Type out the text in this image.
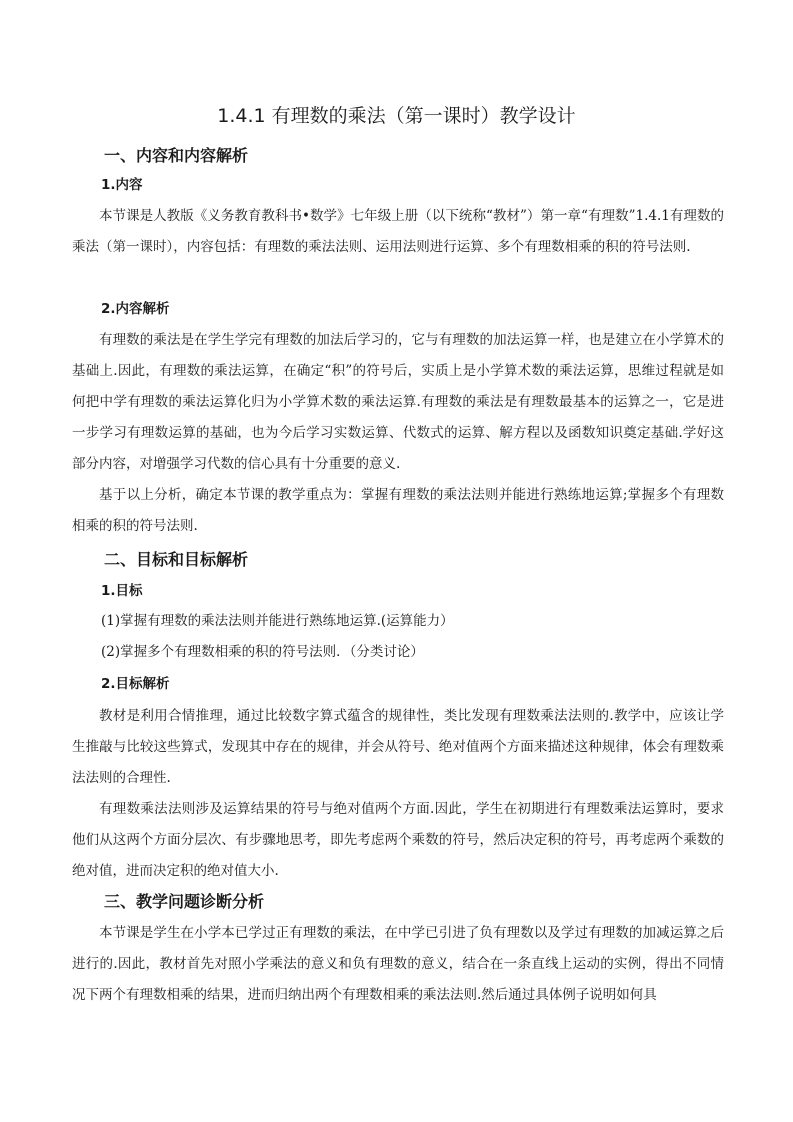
1.4.1 有理数的乘法（第一课时）教学设计
一、内容和内容解析
1.内容

本节课是人教版《义务教育教科书•数学》七年级上册（以下统称“教材”）第一章“有理数”1.4.1有理数的乘法（第一课时），内容包括：有理数的乘法法则、运用法则进行运算、多个有理数相乘的积的符号法则.

2.内容解析

有理数的乘法是在学生学完有理数的加法后学习的，它与有理数的加法运算一样，也是建立在小学算术的基础上.因此，有理数的乘法运算，在确定“积”的符号后，实质上是小学算术数的乘法运算，思维过程就是如何把中学有理数的乘法运算化归为小学算术数的乘法运算.有理数的乘法是有理数最基本的运算之一，它是进一步学习有理数运算的基础，也为今后学习实数运算、代数式的运算、解方程以及函数知识奠定基础.学好这部分内容，对增强学习代数的信心具有十分重要的意义.

基于以上分析，确定本节课的教学重点为：掌握有理数的乘法法则并能进行熟练地运算;掌握多个有理数相乘的积的符号法则.

二、目标和目标解析
1.目标
(1)掌握有理数的乘法法则并能进行熟练地运算.(运算能力）
(2)掌握多个有理数相乘的积的符号法则．（分类讨论）
2.目标解析

教材是利用合情推理，通过比较数字算式蕴含的规律性，类比发现有理数乘法法则的.教学中，应该让学生推敲与比较这些算式，发现其中存在的规律，并会从符号、绝对值两个方面来描述这种规律，体会有理数乘法法则的合理性.

有理数乘法法则涉及运算结果的符号与绝对值两个方面.因此，学生在初期进行有理数乘法运算时，要求他们从这两个方面分层次、有步骤地思考，即先考虑两个乘数的符号，然后决定积的符号，再考虑两个乘数的绝对值，进而决定积的绝对值大小.

三、教学问题诊断分析

本节课是学生在小学本已学过正有理数的乘法，在中学已引进了负有理数以及学过有理数的加减运算之后进行的.因此，教材首先对照小学乘法的意义和负有理数的意义，结合在一条直线上运动的实例，得出不同情况下两个有理数相乘的结果，进而归纳出两个有理数相乘的乘法法则.然后通过具体例子说明如何具
